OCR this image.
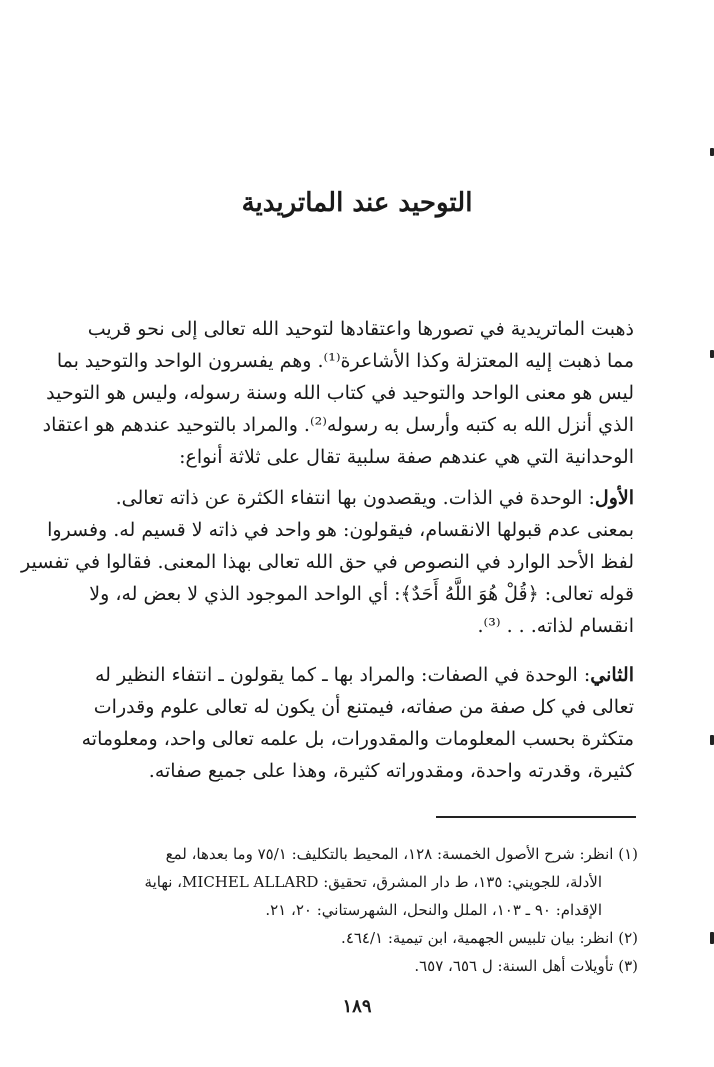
التوحيد عند الماتريدية
ذهبت الماتريدية في تصورها واعتقادها لتوحيد الله تعالى إلى نحو قريب
مما ذهبت إليه المعتزلة وكذا الأشاعرة⁽¹⁾. وهم يفسرون الواحد والتوحيد بما
ليس هو معنى الواحد والتوحيد في كتاب الله وسنة رسوله، وليس هو التوحيد
الذي أنزل الله به كتبه وأرسل به رسوله⁽²⁾. والمراد بالتوحيد عندهم هو اعتقاد
الوحدانية التي هي عندهم صفة سلبية تقال على ثلاثة أنواع:
الأول: الوحدة في الذات. ويقصدون بها انتفاء الكثرة عن ذاته تعالى.
بمعنى عدم قبولها الانقسام، فيقولون: هو واحد في ذاته لا قسيم له. وفسروا
لفظ الأحد الوارد في النصوص في حق الله تعالى بهذا المعنى. فقالوا في تفسير
قوله تعالى: ﴿قُلْ هُوَ اللَّهُ أَحَدٌ﴾: أي الواحد الموجود الذي لا بعض له، ولا
انقسام لذاته. . . ⁽³⁾.
الثاني: الوحدة في الصفات: والمراد بها ـ كما يقولون ـ انتفاء النظير له
تعالى في كل صفة من صفاته، فيمتنع أن يكون له تعالى علوم وقدرات
متكثرة بحسب المعلومات والمقدورات، بل علمه تعالى واحد، ومعلوماته
كثيرة، وقدرته واحدة، ومقدوراته كثيرة، وهذا على جميع صفاته.
(١) انظر: شرح الأصول الخمسة: ١٢٨، المحيط بالتكليف: ٧٥/١ وما بعدها، لمع
الأدلة، للجويني: ١٣٥، ط دار المشرق، تحقيق: MICHEL ALLARD، نهاية
الإقدام: ٩٠ ـ ١٠٣، الملل والنحل، الشهرستاني: ٢٠، ٢١.
(٢) انظر: بيان تلبيس الجهمية، ابن تيمية: ٤٦٤/١.
(٣) تأويلات أهل السنة: ل ٦٥٦، ٦٥٧.
١٨٩
